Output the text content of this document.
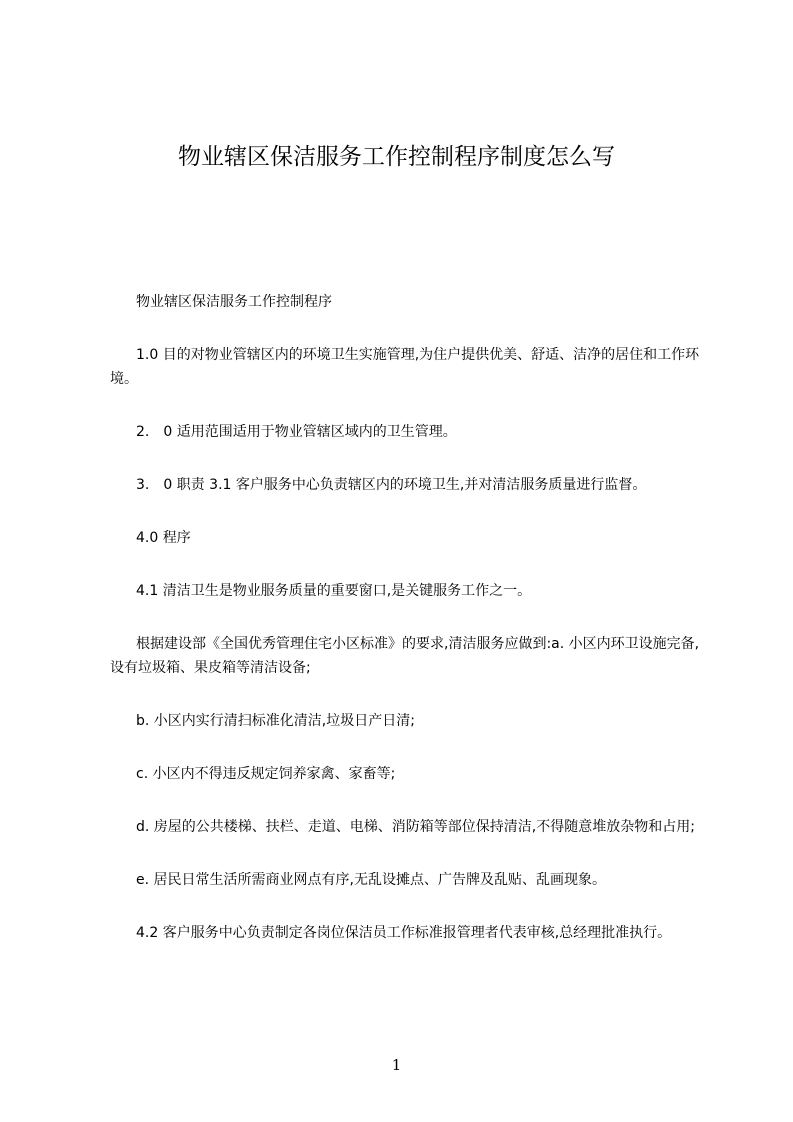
物业辖区保洁服务工作控制程序制度怎么写

物业辖区保洁服务工作控制程序

1.0 目的对物业管辖区内的环境卫生实施管理,为住户提供优美、舒适、洁净的居住和工作环境。

2.　0 适用范围适用于物业管辖区域内的卫生管理。

3.　0 职责 3.1 客户服务中心负责辖区内的环境卫生,并对清洁服务质量进行监督。

4.0 程序

4.1 清洁卫生是物业服务质量的重要窗口,是关键服务工作之一。

根据建设部《全国优秀管理住宅小区标准》的要求,清洁服务应做到:a. 小区内环卫设施完备,设有垃圾箱、果皮箱等清洁设备;

b. 小区内实行清扫标准化清洁,垃圾日产日清;

c. 小区内不得违反规定饲养家禽、家畜等;

d. 房屋的公共楼梯、扶栏、走道、电梯、消防箱等部位保持清洁,不得随意堆放杂物和占用;

e. 居民日常生活所需商业网点有序,无乱设摊点、广告牌及乱贴、乱画现象。

4.2 客户服务中心负责制定各岗位保洁员工作标准报管理者代表审核,总经理批准执行。

1
